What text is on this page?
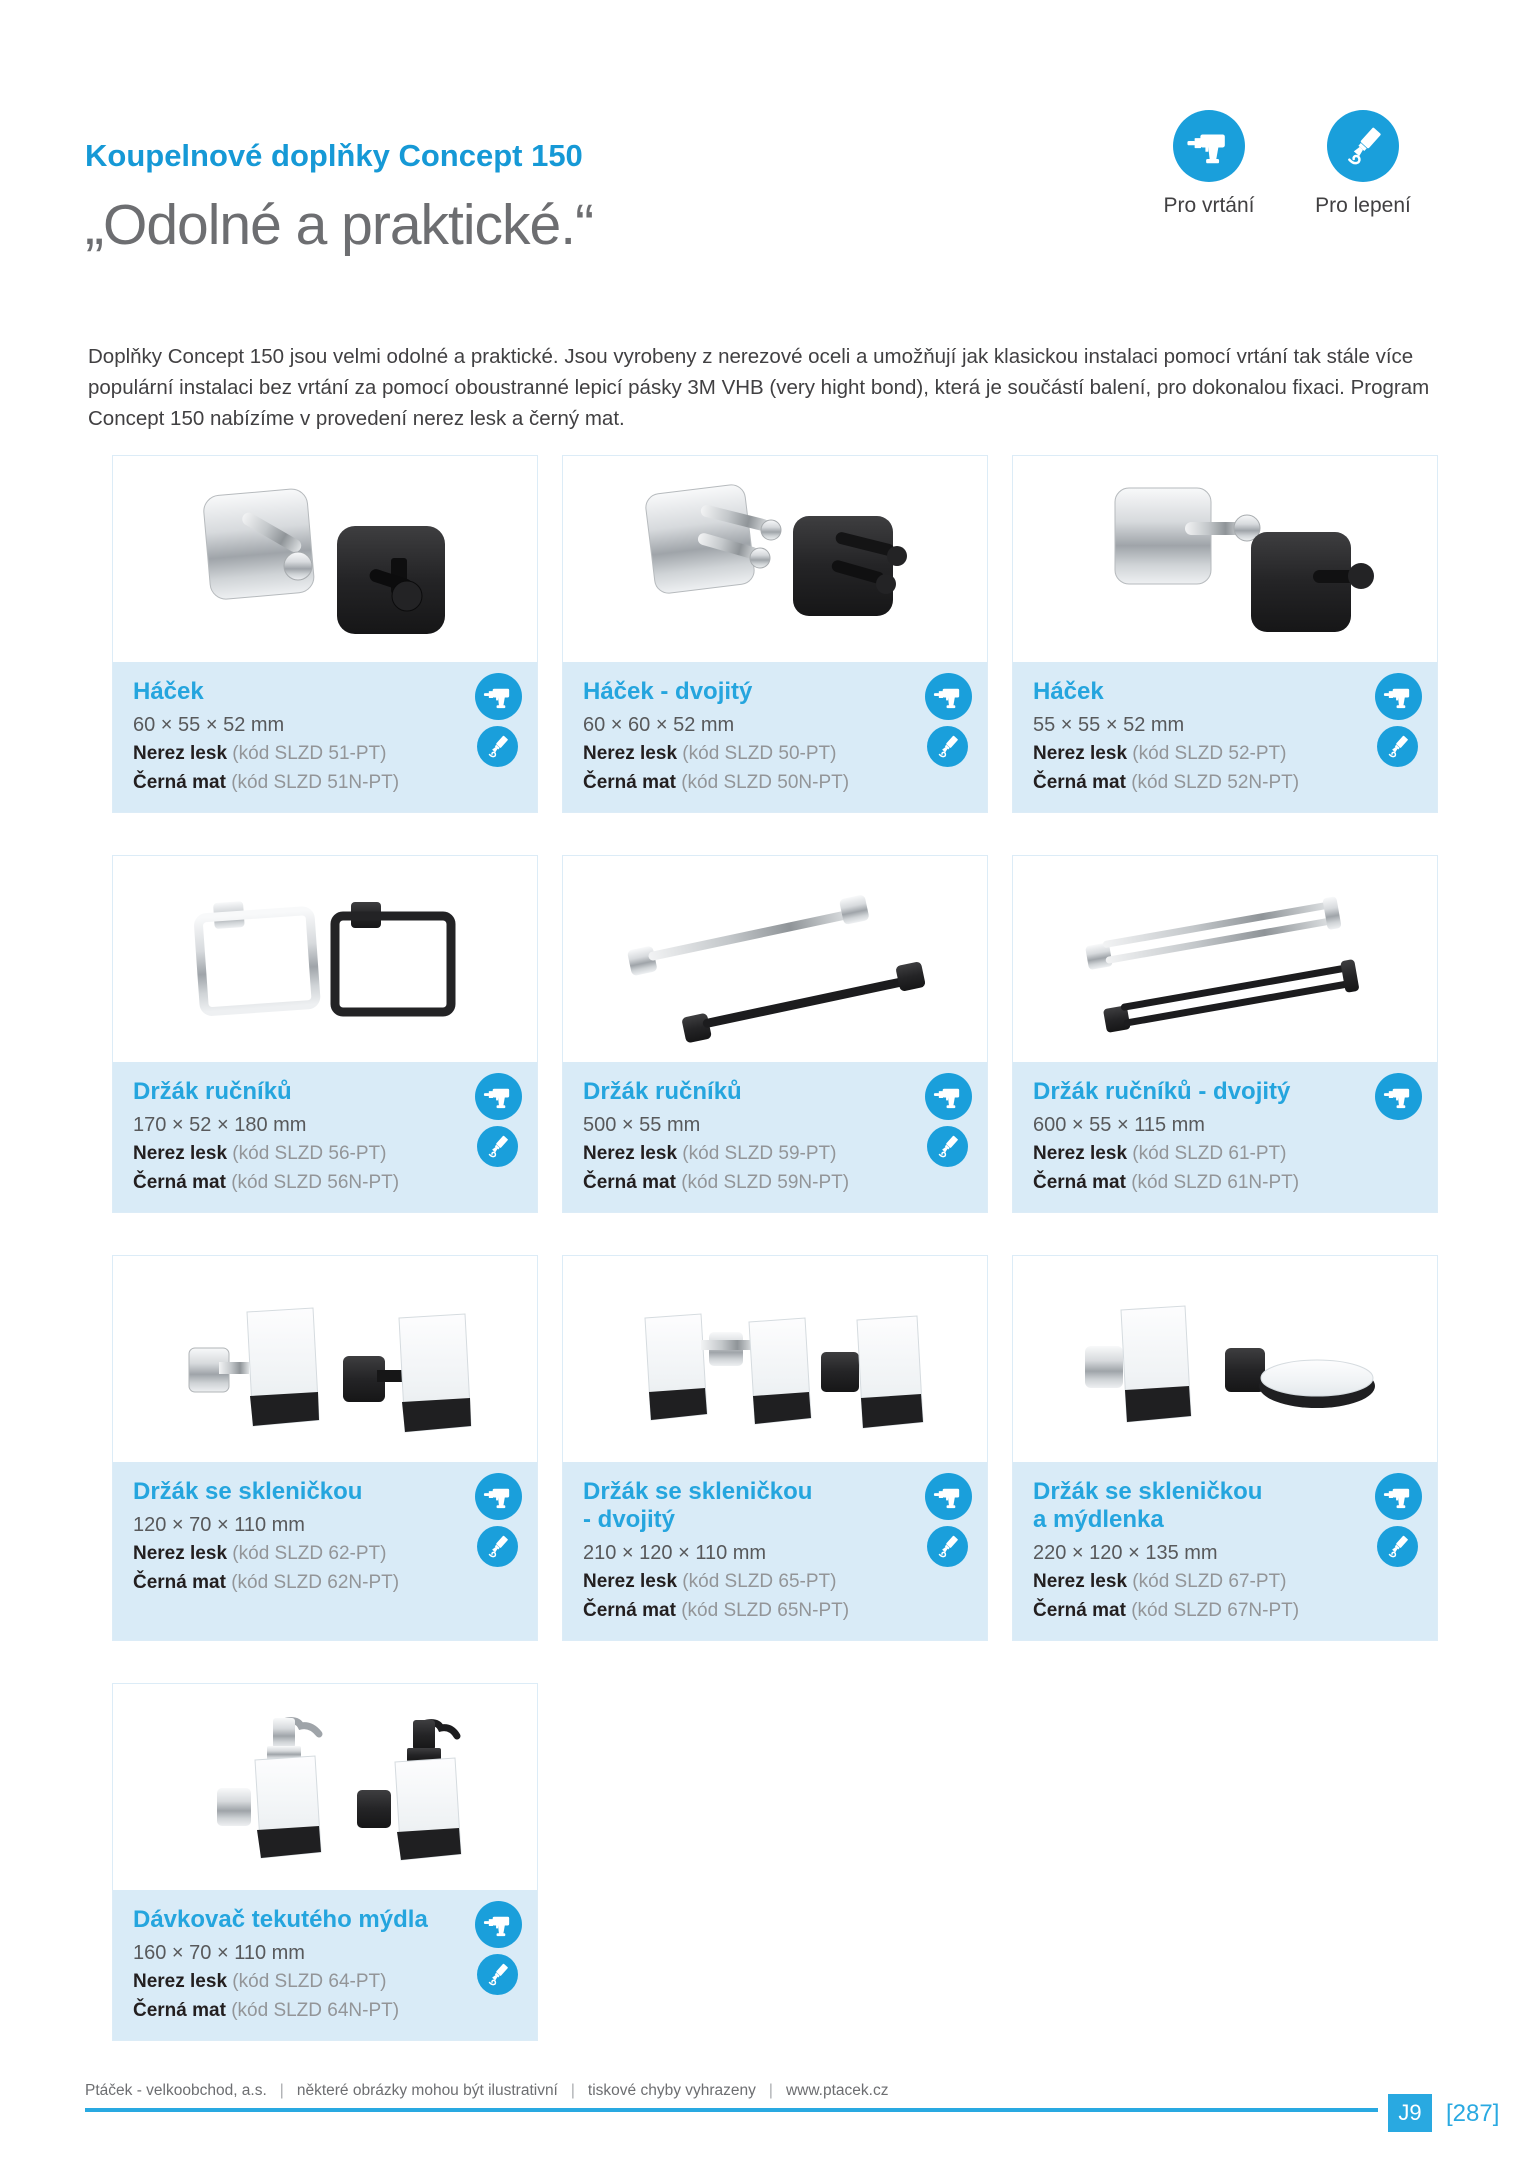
Koupelnové doplňky Concept 150
„Odolné a praktické.“	Pro vrtání	Pro lepení

Doplňky Concept 150 jsou velmi odolné a praktické. Jsou vyrobeny z nerezové oceli a umožňují jak klasickou instalaci pomocí vrtání tak stále více populární instalaci bez vrtání za pomocí oboustranné lepicí pásky 3M VHB (very hight bond), která je součástí balení, pro dokonalou fixaci. Program Concept 150 nabízíme v provedení nerez lesk a černý mat.

Háček
60 × 55 × 52 mm
Nerez lesk (kód SLZD 51-PT)
Černá mat (kód SLZD 51N-PT)
Háček - dvojitý
60 × 60 × 52 mm
Nerez lesk (kód SLZD 50-PT)
Černá mat (kód SLZD 50N-PT)
Háček
55 × 55 × 52 mm
Nerez lesk (kód SLZD 52-PT)
Černá mat (kód SLZD 52N-PT)
Držák ručníků
170 × 52 × 180 mm
Nerez lesk (kód SLZD 56-PT)
Černá mat (kód SLZD 56N-PT)
Držák ručníků
500 × 55 mm
Nerez lesk (kód SLZD 59-PT)
Černá mat (kód SLZD 59N-PT)
Držák ručníků - dvojitý
600 × 55 × 115 mm
Nerez lesk (kód SLZD 61-PT)
Černá mat (kód SLZD 61N-PT)
Držák se skleničkou
120 × 70 × 110 mm
Nerez lesk (kód SLZD 62-PT)
Černá mat (kód SLZD 62N-PT)
Držák se skleničkou
- dvojitý
210 × 120 × 110 mm
Nerez lesk (kód SLZD 65-PT)
Černá mat (kód SLZD 65N-PT)
Držák se skleničkou
a mýdlenka
220 × 120 × 135 mm
Nerez lesk (kód SLZD 67-PT)
Černá mat (kód SLZD 67N-PT)
Dávkovač tekutého mýdla
160 × 70 × 110 mm
Nerez lesk (kód SLZD 64-PT)
Černá mat (kód SLZD 64N-PT)
Ptáček - velkoobchod, a.s. | některé obrázky mohou být ilustrativní | tiskové chyby vyhrazeny | www.ptacek.cz
J9	[287]
